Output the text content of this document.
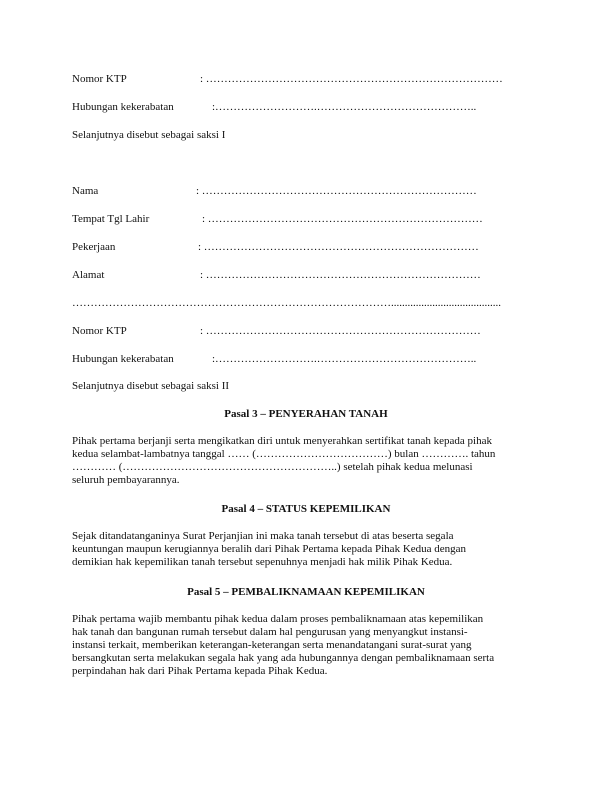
Nomor KTP	: ………………………………………………………………………
Hubungan kekerabatan	:……………………….……………………………………..
Selanjutnya disebut sebagai saksi I
Nama	: …………………………………………………………………
Tempat Tgl Lahir	: …………………………………………………………………
Pekerjaan	: …………………………………………………………………
Alamat	: …………………………………………………………………
……………………………………………………………………………........................................
Nomor KTP	: …………………………………………………………………
Hubungan kekerabatan	:……………………….……………………………………..
Selanjutnya disebut sebagai saksi II
Pasal 3 – PENYERAHAN TANAH
Pihak pertama berjanji serta mengikatkan diri untuk menyerahkan sertifikat tanah kepada pihak
kedua selambat-lambatnya tanggal …… (………………………………) bulan …………. tahun
………… (…………………………………………………..) setelah pihak kedua melunasi
seluruh pembayarannya.
Pasal 4 – STATUS KEPEMILIKAN
Sejak ditandatanganinya Surat Perjanjian ini maka tanah tersebut di atas beserta segala
keuntungan maupun kerugiannya beralih dari Pihak Pertama kepada Pihak Kedua dengan
demikian hak kepemilikan tanah tersebut sepenuhnya menjadi hak milik Pihak Kedua.
Pasal 5 – PEMBALIKNAMAAN KEPEMILIKAN
Pihak pertama wajib membantu pihak kedua dalam proses pembaliknamaan atas kepemilikan
hak tanah dan bangunan rumah tersebut dalam hal pengurusan yang menyangkut instansi-
instansi terkait, memberikan keterangan-keterangan serta menandatangani surat-surat yang
bersangkutan serta melakukan segala hak yang ada hubungannya dengan pembaliknamaan serta
perpindahan hak dari Pihak Pertama kepada Pihak Kedua.
